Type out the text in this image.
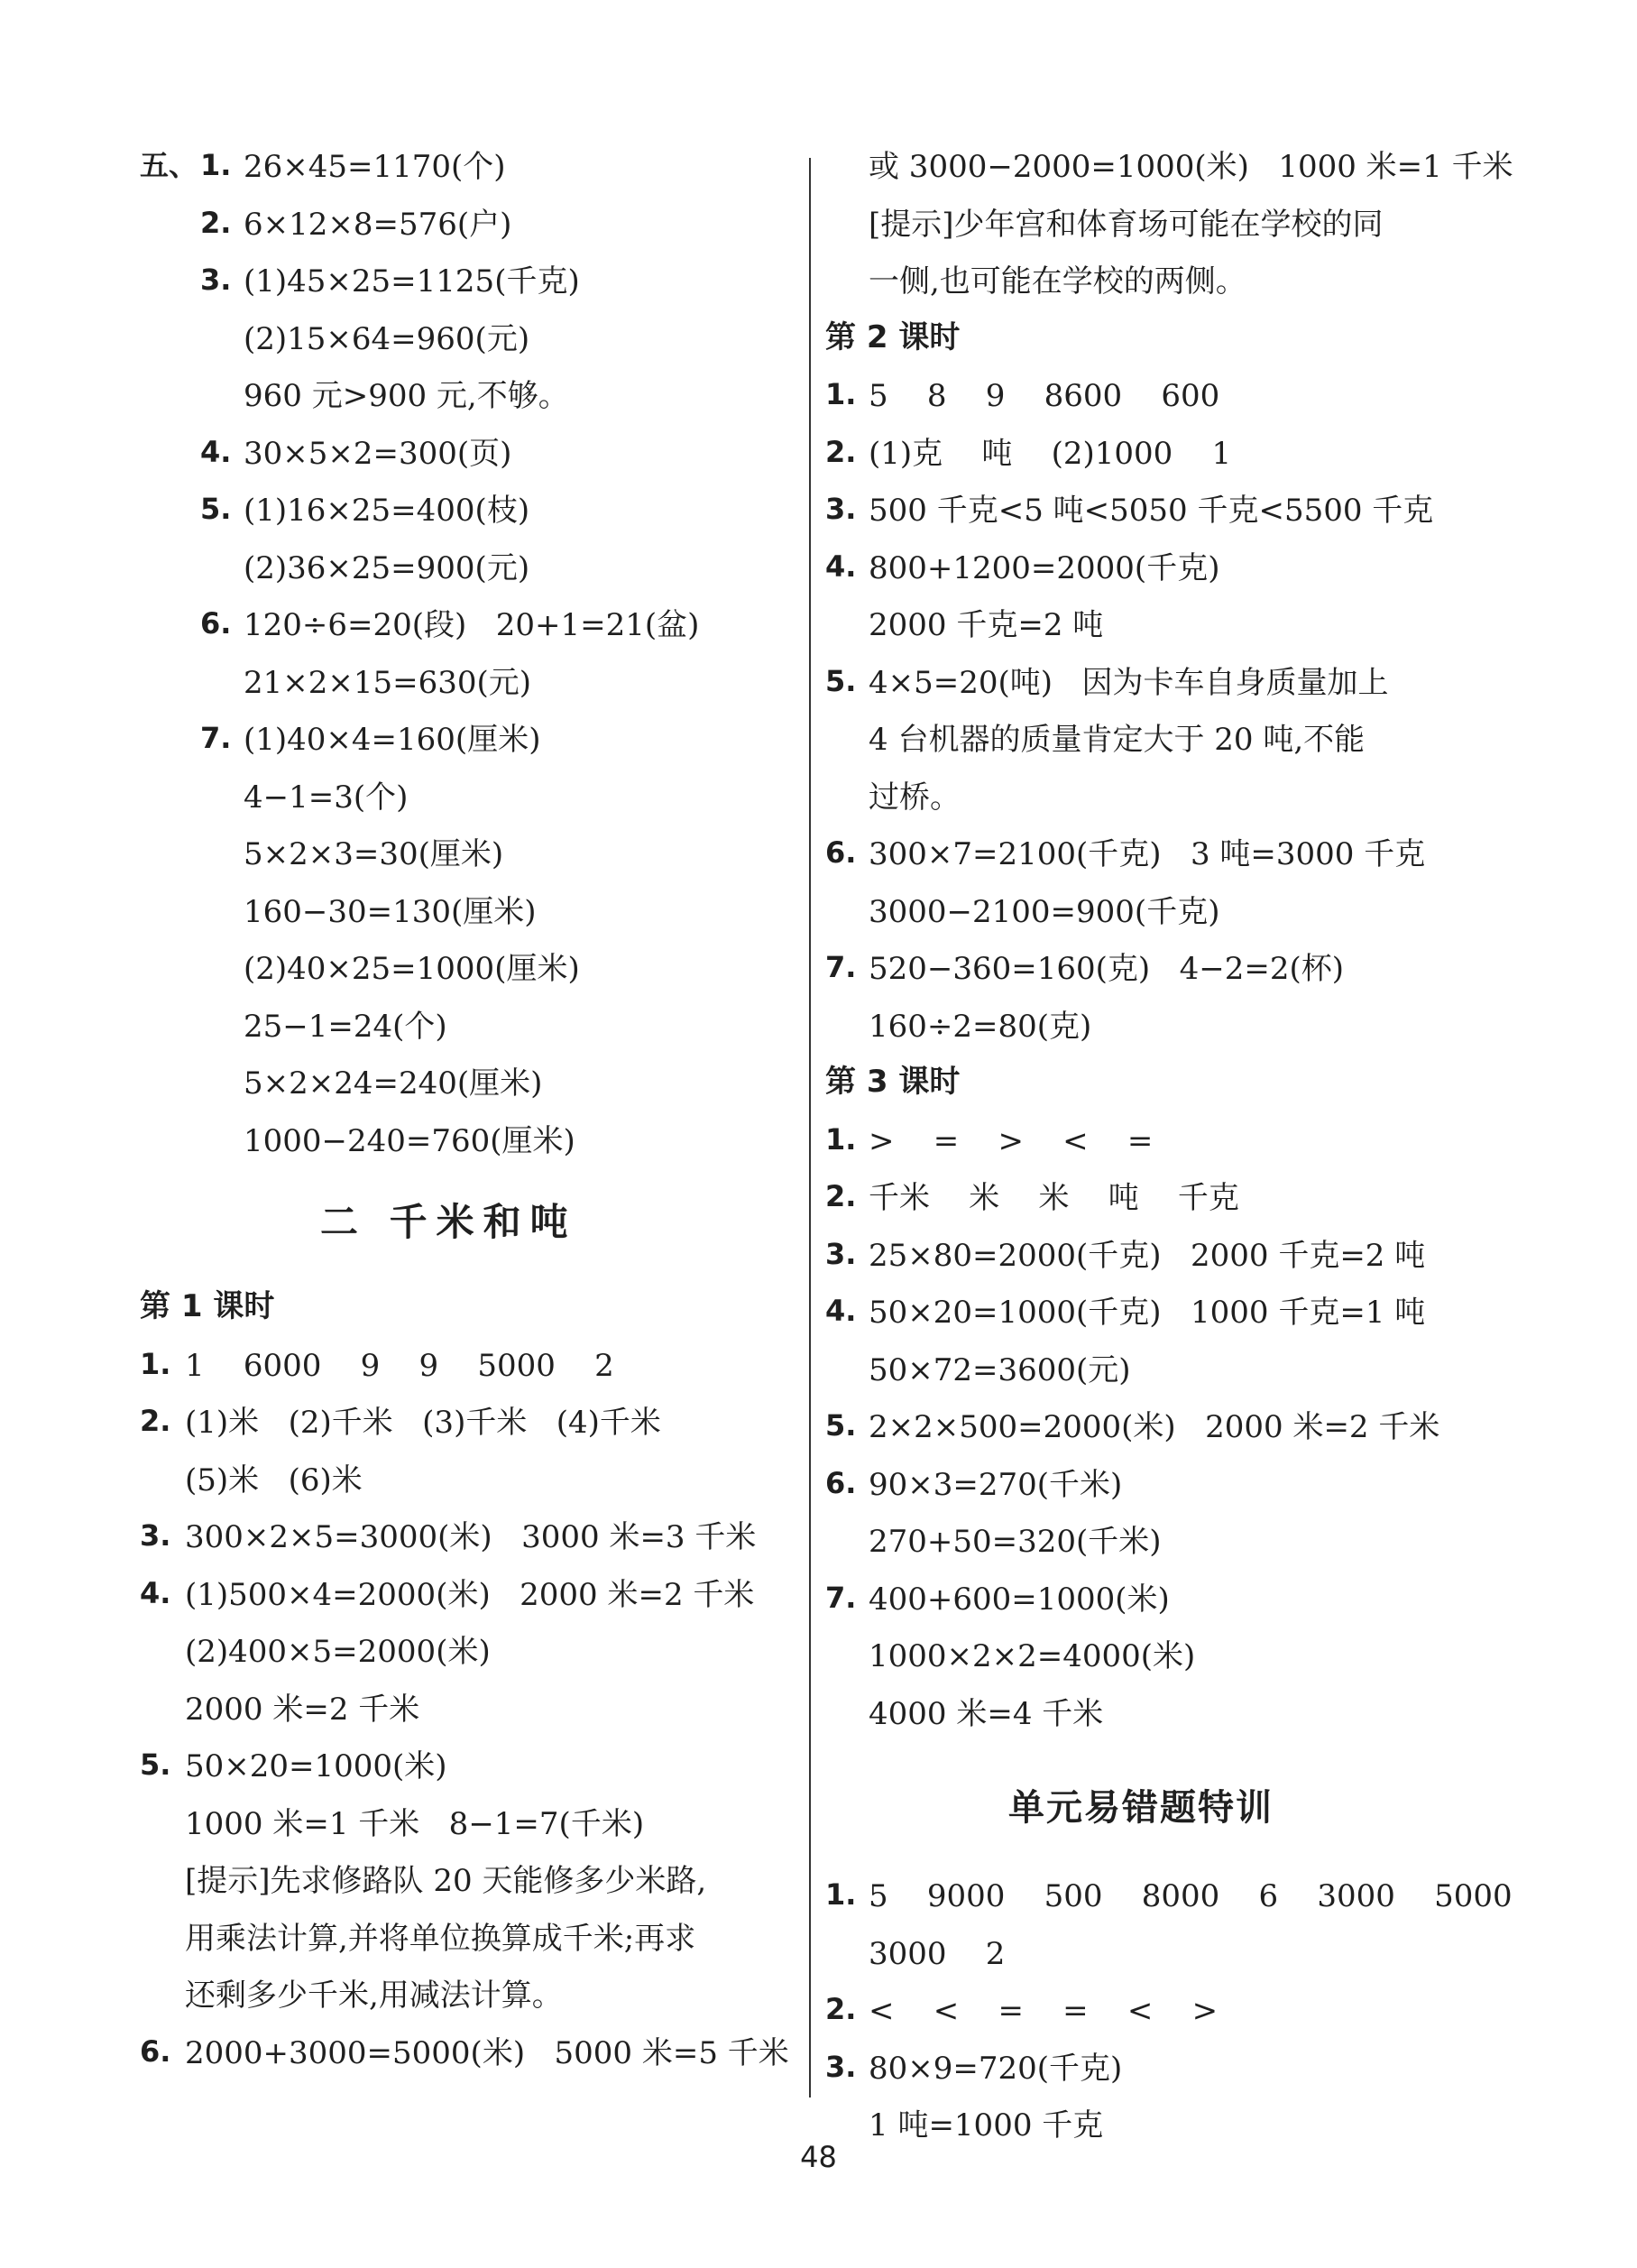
五、 1. 26×45=1170(个)
2. 6×12×8=576(户)
3. (1)45×25=1125(千克)
(2)15×64=960(元)
960 元>900 元,不够。
4. 30×5×2=300(页)
5. (1)16×25=400(枝)
(2)36×25=900(元)
6. 120÷6=20(段)   20+1=21(盆)
21×2×15=630(元)
7. (1)40×4=160(厘米)
4−1=3(个)
5×2×3=30(厘米)
160−30=130(厘米)
(2)40×25=1000(厘米)
25−1=24(个)
5×2×24=240(厘米)
1000−240=760(厘米)
二 千米和吨
第 1 课时
1. 1    6000    9    9    5000    2
2. (1)米   (2)千米   (3)千米   (4)千米
(5)米   (6)米
3. 300×2×5=3000(米)   3000 米=3 千米
4. (1)500×4=2000(米)   2000 米=2 千米
(2)400×5=2000(米)
2000 米=2 千米
5. 50×20=1000(米)
1000 米=1 千米   8−1=7(千米)
[提示]先求修路队 20 天能修多少米路,
用乘法计算,并将单位换算成千米;再求
还剩多少千米,用减法计算。
6. 2000+3000=5000(米)   5000 米=5 千米
或 3000−2000=1000(米)   1000 米=1 千米
[提示]少年宫和体育场可能在学校的同
一侧,也可能在学校的两侧。
第 2 课时
1. 5    8    9    8600    600
2. (1)克    吨    (2)1000    1
3. 500 千克<5 吨<5050 千克<5500 千克
4. 800+1200=2000(千克)
2000 千克=2 吨
5. 4×5=20(吨)   因为卡车自身质量加上
4 台机器的质量肯定大于 20 吨,不能
过桥。
6. 300×7=2100(千克)   3 吨=3000 千克
3000−2100=900(千克)
7. 520−360=160(克)   4−2=2(杯)
160÷2=80(克)
第 3 课时
1. >    =    >    <    =
2. 千米    米    米    吨    千克
3. 25×80=2000(千克)   2000 千克=2 吨
4. 50×20=1000(千克)   1000 千克=1 吨
50×72=3600(元)
5. 2×2×500=2000(米)   2000 米=2 千米
6. 90×3=270(千米)
270+50=320(千米)
7. 400+600=1000(米)
1000×2×2=4000(米)
4000 米=4 千米
单元易错题特训
1. 5    9000    500    8000    6    3000    5000
3000    2
2. <    <    =    =    <    >
3. 80×9=720(千克)
1 吨=1000 千克
48
